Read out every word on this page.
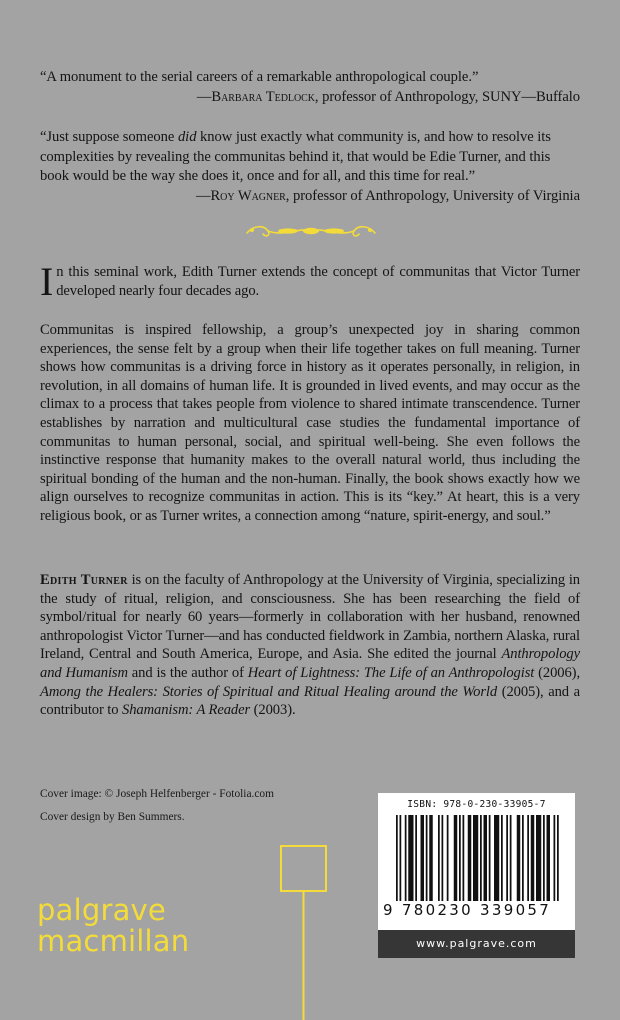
“A monument to the serial careers of a remarkable anthropological couple.”

—Barbara Tedlock, professor of Anthropology, SUNY—Buffalo

“Just suppose someone did know just exactly what community is, and how to resolve its complexities by revealing the communitas behind it, that would be Edie Turner, and this book would be the way she does it, once and for all, and this time for real.”

—Roy Wagner, professor of Anthropology, University of Virginia

In this seminal work, Edith Turner extends the concept of communitas that Victor Turner developed nearly four decades ago.

Communitas is inspired fellowship, a group’s unexpected joy in sharing common experiences, the sense felt by a group when their life together takes on full meaning. Turner shows how communitas is a driving force in history as it operates personally, in religion, in revolution, in all domains of human life. It is grounded in lived events, and may occur as the climax to a process that takes people from violence to shared intimate transcendence. Turner establishes by narration and multicultural case studies the fundamental importance of communitas to human personal, social, and spiritual well-being. She even follows the instinctive response that humanity makes to the overall natural world, thus including the spiritual bonding of the human and the non-human. Finally, the book shows exactly how we align ourselves to recognize communitas in action. This is its “key.” At heart, this is a very religious book, or as Turner writes, a connection among “nature, spirit-energy, and soul.”

Edith Turner is on the faculty of Anthropology at the University of Virginia, specializing in the study of ritual, religion, and consciousness. She has been researching the field of symbol/ritual for nearly 60 years—formerly in collaboration with her husband, renowned anthropologist Victor Turner—and has conducted fieldwork in Zambia, northern Alaska, rural Ireland, Central and South America, Europe, and Asia. She edited the journal Anthropology and Humanism and is the author of Heart of Lightness: The Life of an Anthropologist (2006), Among the Healers: Stories of Spiritual and Ritual Healing around the World (2005), and a contributor to Shamanism: A Reader (2003).

Cover image: © Joseph Helfenberger - Fotolia.com
Cover design by Ben Summers.
ISBN: 978-0-230-33905-7
9 780230 339057
www.palgrave.com
palgrave
macmillan
